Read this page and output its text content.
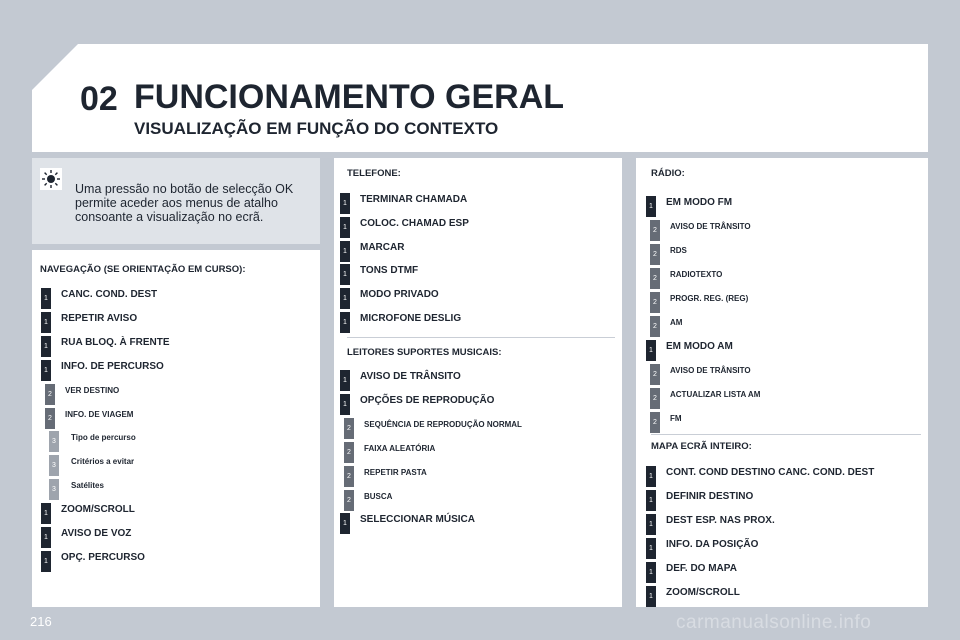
02 FUNCIONAMENTO GERAL
VISUALIZAÇÃO EM FUNÇÃO DO CONTEXTO
Uma pressão no botão de selecção OK permite aceder aos menus de atalho consoante a visualização no ecrã.
NAVEGAÇÃO (SE ORIENTAÇÃO EM CURSO):
TELEFONE:
LEITORES SUPORTES MUSICAIS:
RÁDIO:
MAPA ECRÃ INTEIRO:
216	carmanualsonline.info
1	CANC. COND. DEST
1	REPETIR AVISO
1	RUA BLOQ. À FRENTE
1	INFO. DE PERCURSO
2	VER DESTINO
2	INFO. DE VIAGEM
3	Tipo de percurso
3	Critérios a evitar
3	Satélites
1	ZOOM/SCROLL
1	AVISO DE VOZ
1	OPÇ. PERCURSO
1	TERMINAR CHAMADA
1	COLOC. CHAMAD ESP
1	MARCAR
1	TONS DTMF
1	MODO PRIVADO
1	MICROFONE DESLIG
1	AVISO DE TRÂNSITO
1	OPÇÕES DE REPRODUÇÃO
2	SEQUÊNCIA DE REPRODUÇÃO NORMAL
2	FAIXA ALEATÓRIA
2	REPETIR PASTA
2	BUSCA
1	SELECCIONAR MÚSICA
1	EM MODO FM
2	AVISO DE TRÂNSITO
2	RDS
2	RADIOTEXTO
2	PROGR. REG. (REG)
2	AM
1	EM MODO AM
2	AVISO DE TRÂNSITO
2	ACTUALIZAR LISTA AM
2	FM
1	CONT. COND DESTINO CANC. COND. DEST
1	DEFINIR DESTINO
1	DEST ESP. NAS PROX.
1	INFO. DA POSIÇÃO
1	DEF. DO MAPA
1	ZOOM/SCROLL
